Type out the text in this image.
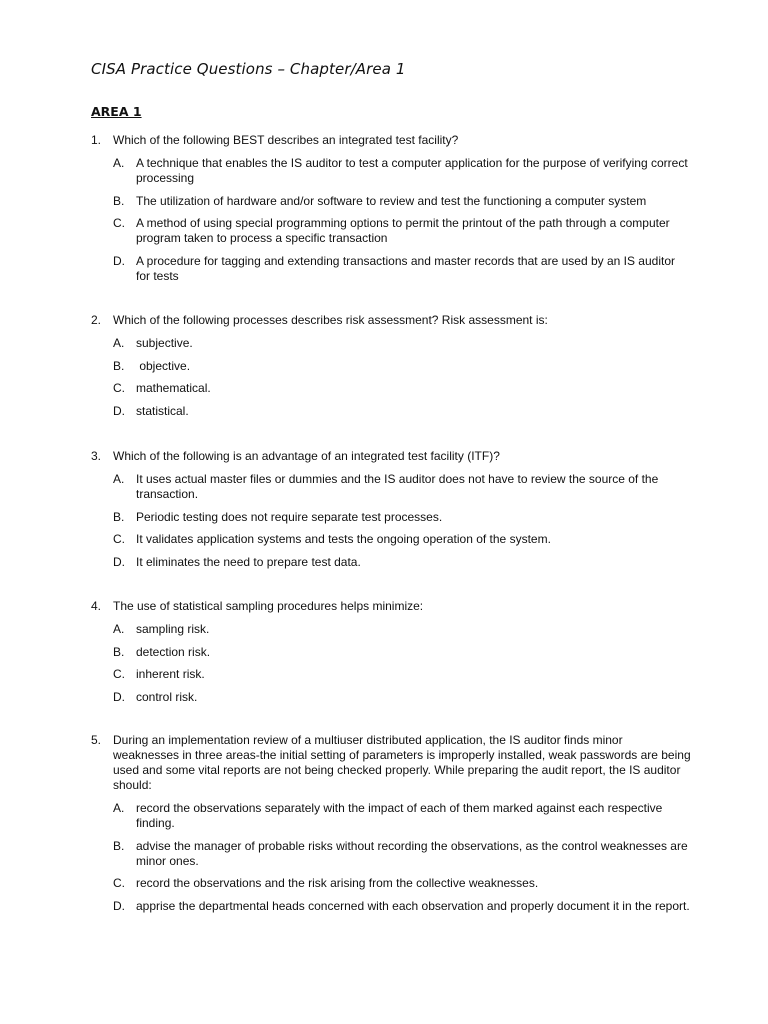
CISA Practice Questions – Chapter/Area 1
AREA 1
1. Which of the following BEST describes an integrated test facility?
A. A technique that enables the IS auditor to test a computer application for the purpose of verifying correct processing
B. The utilization of hardware and/or software to review and test the functioning a computer system
C. A method of using special programming options to permit the printout of the path through a computer program taken to process a specific transaction
D. A procedure for tagging and extending transactions and master records that are used by an IS auditor for tests
2. Which of the following processes describes risk assessment? Risk assessment is:
A. subjective.
B. objective.
C. mathematical.
D. statistical.
3. Which of the following is an advantage of an integrated test facility (ITF)?
A. It uses actual master files or dummies and the IS auditor does not have to review the source of the transaction.
B. Periodic testing does not require separate test processes.
C. It validates application systems and tests the ongoing operation of the system.
D. It eliminates the need to prepare test data.
4. The use of statistical sampling procedures helps minimize:
A. sampling risk.
B. detection risk.
C. inherent risk.
D. control risk.
5. During an implementation review of a multiuser distributed application, the IS auditor finds minor weaknesses in three areas-the initial setting of parameters is improperly installed, weak passwords are being used and some vital reports are not being checked properly. While preparing the audit report, the IS auditor should:
A. record the observations separately with the impact of each of them marked against each respective finding.
B. advise the manager of probable risks without recording the observations, as the control weaknesses are minor ones.
C. record the observations and the risk arising from the collective weaknesses.
D. apprise the departmental heads concerned with each observation and properly document it in the report.
